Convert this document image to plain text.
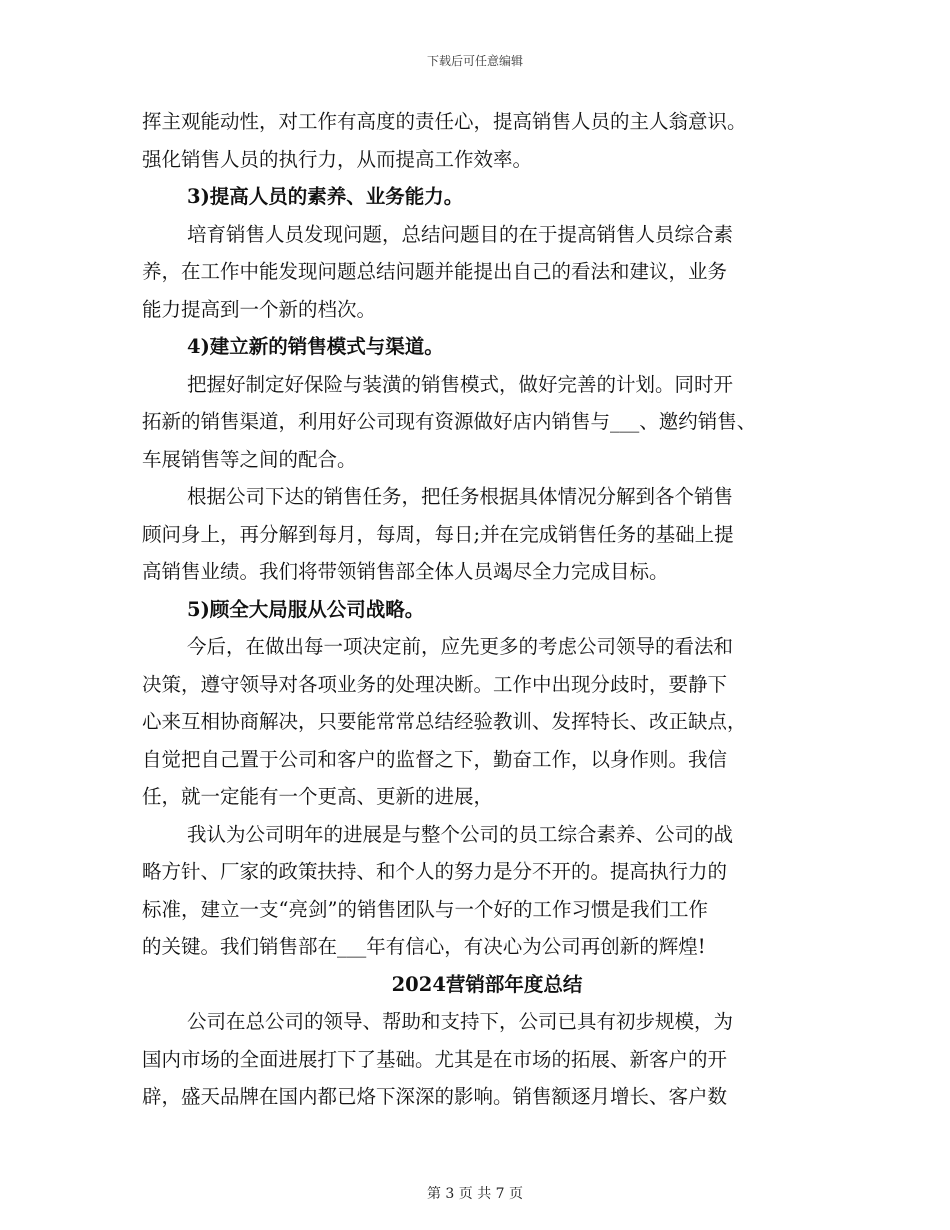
下载后可任意编辑
挥主观能动性，对工作有高度的责任心，提高销售人员的主人翁意识。
强化销售人员的执行力，从而提高工作效率。
3)提高人员的素养、业务能力。
培育销售人员发现问题，总结问题目的在于提高销售人员综合素
养，在工作中能发现问题总结问题并能提出自己的看法和建议，业务
能力提高到一个新的档次。
4)建立新的销售模式与渠道。
把握好制定好保险与装潢的销售模式，做好完善的计划。同时开
拓新的销售渠道，利用好公司现有资源做好店内销售与___、邀约销售、
车展销售等之间的配合。
根据公司下达的销售任务，把任务根据具体情况分解到各个销售
顾问身上，再分解到每月，每周，每日;并在完成销售任务的基础上提
高销售业绩。我们将带领销售部全体人员竭尽全力完成目标。
5)顾全大局服从公司战略。
今后，在做出每一项决定前，应先更多的考虑公司领导的看法和
决策，遵守领导对各项业务的处理决断。工作中出现分歧时，要静下
心来互相协商解决，只要能常常总结经验教训、发挥特长、改正缺点，
自觉把自己置于公司和客户的监督之下，勤奋工作，以身作则。我信
任，就一定能有一个更高、更新的进展，
我认为公司明年的进展是与整个公司的员工综合素养、公司的战
略方针、厂家的政策扶持、和个人的努力是分不开的。提高执行力的
标准，建立一支“亮剑”的销售团队与一个好的工作习惯是我们工作
的关键。我们销售部在___年有信心，有决心为公司再创新的辉煌!
2024营销部年度总结
公司在总公司的领导、帮助和支持下，公司已具有初步规模，为
国内市场的全面进展打下了基础。尤其是在市场的拓展、新客户的开
辟，盛天品牌在国内都已烙下深深的影响。销售额逐月增长、客户数
第 3 页 共 7 页
